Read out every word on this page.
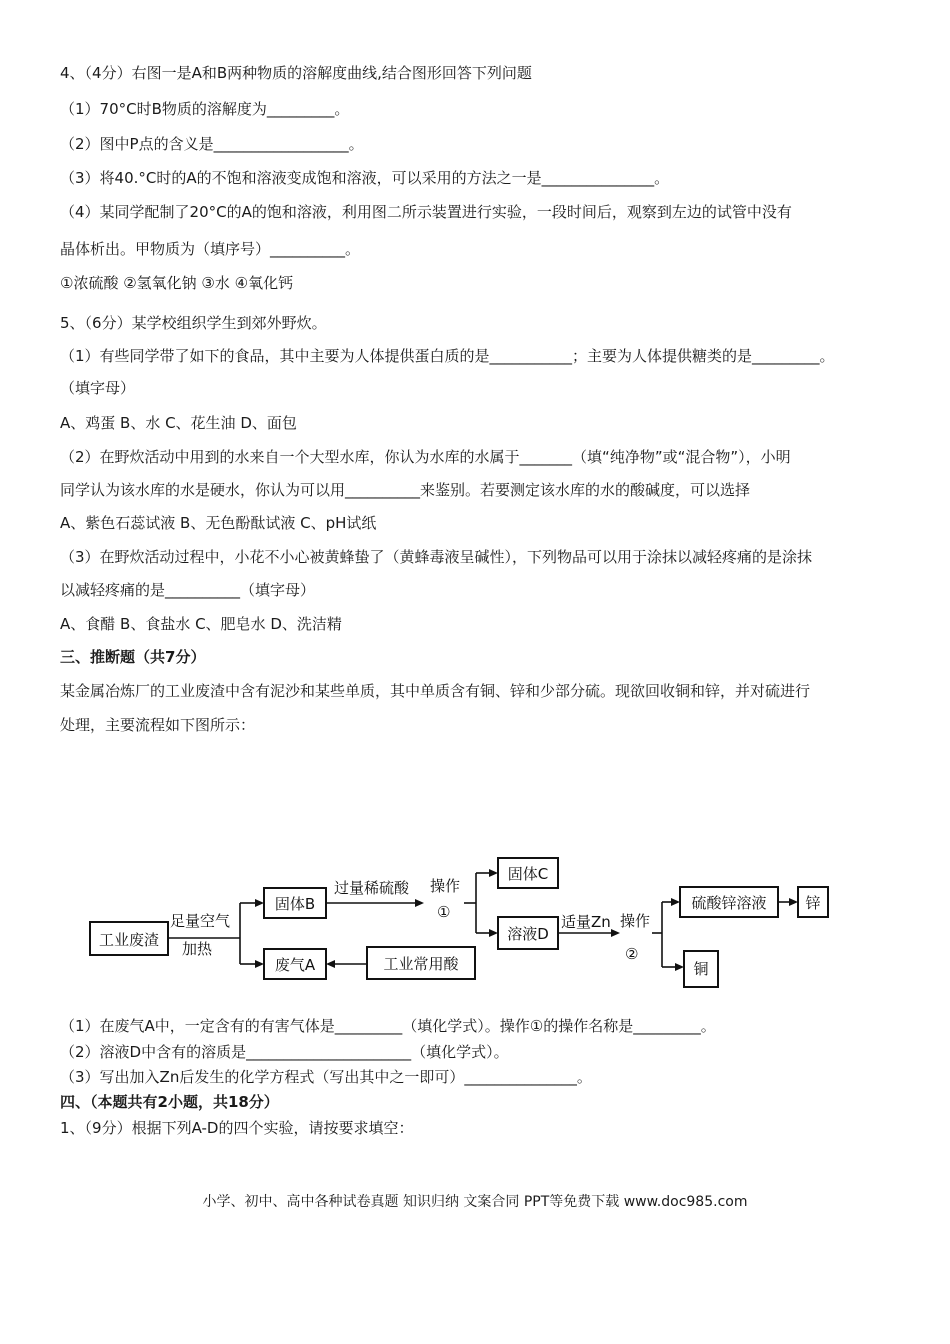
4、（4分）右图一是A和B两种物质的溶解度曲线,结合图形回答下列问题
（1）70°C时B物质的溶解度为_________。
（2）图中P点的含义是__________________。
（3）将40.°C时的A的不饱和溶液变成饱和溶液，可以采用的方法之一是_______________。
（4）某同学配制了20°C的A的饱和溶液，利用图二所示装置进行实验，一段时间后，观察到左边的试管中没有
晶体析出。甲物质为（填序号）__________。
①浓硫酸 ②氢氧化钠 ③水 ④氧化钙
5、（6分）某学校组织学生到郊外野炊。
（1）有些同学带了如下的食品，其中主要为人体提供蛋白质的是___________；主要为人体提供糖类的是_________。
（填字母）
A、鸡蛋 B、水 C、花生油 D、面包
（2）在野炊活动中用到的水来自一个大型水库，你认为水库的水属于_______（填“纯净物”或“混合物”），小明
同学认为该水库的水是硬水，你认为可以用__________来鉴别。若要测定该水库的水的酸碱度，可以选择
A、紫色石蕊试液 B、无色酚酞试液 C、pH试纸
（3）在野炊活动过程中，小花不小心被黄蜂蛰了（黄蜂毒液呈碱性），下列物品可以用于涂抹以减轻疼痛的是涂抹
以减轻疼痛的是__________（填字母）
A、食醋 B、食盐水 C、肥皂水 D、洗洁精
三、推断题（共7分）
某金属冶炼厂的工业废渣中含有泥沙和某些单质，其中单质含有铜、锌和少部分硫。现欲回收铜和锌，并对硫进行
处理，主要流程如下图所示：
工业废渣
固体B
废气A	工业常用酸
固体C
溶液D
硫酸锌溶液	锌
铜
足量空气
加热
过量稀硫酸 操作
①
适量Zn 操作
②
（1）在废气A中，一定含有的有害气体是_________（填化学式）。操作①的操作名称是_________。
（2）溶液D中含有的溶质是______________________（填化学式）。
（3）写出加入Zn后发生的化学方程式（写出其中之一即可）_______________。
四、（本题共有2小题，共18分）
1、（9分）根据下列A-D的四个实验，请按要求填空：
小学、初中、高中各种试卷真题 知识归纳 文案合同 PPT等免费下载 www.doc985.com
